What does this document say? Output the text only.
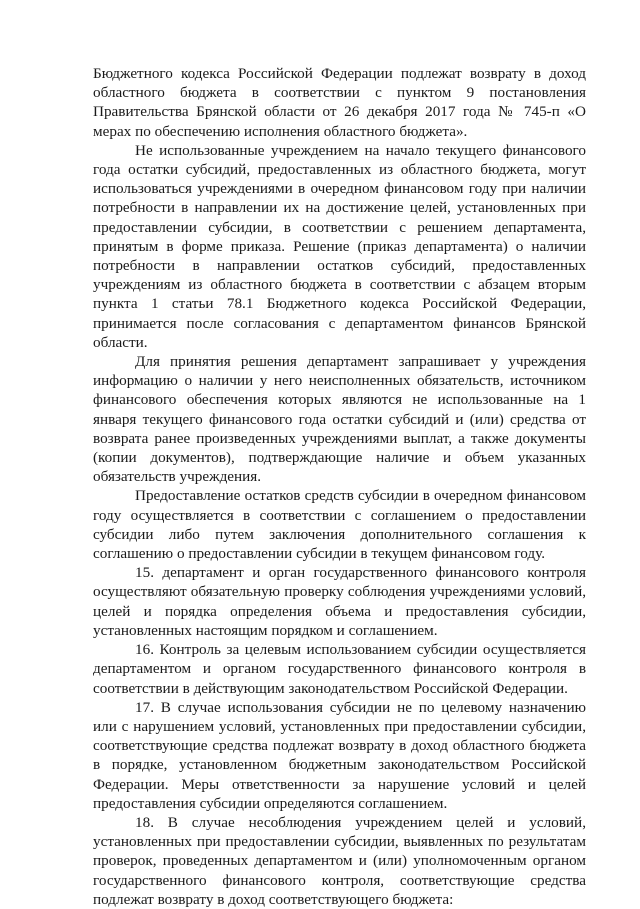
Бюджетного кодекса Российской Федерации подлежат возврату в доход областного бюджета в соответствии с пунктом 9 постановления Правительства Брянской области от 26 декабря 2017 года № 745-п «О мерах по обеспечению исполнения областного бюджета».

Не использованные учреждением на начало текущего финансового года остатки субсидий, предоставленных из областного бюджета, могут использоваться учреждениями в очередном финансовом году при наличии потребности в направлении их на достижение целей, установленных при предоставлении субсидии, в соответствии с решением департамента, принятым в форме приказа. Решение (приказ департамента) о наличии потребности в направлении остатков субсидий, предоставленных учреждениям из областного бюджета в соответствии с абзацем вторым пункта 1 статьи 78.1 Бюджетного кодекса Российской Федерации, принимается после согласования с департаментом финансов Брянской области.

Для принятия решения департамент запрашивает у учреждения информацию о наличии у него неисполненных обязательств, источником финансового обеспечения которых являются не использованные на 1 января текущего финансового года остатки субсидий и (или) средства от возврата ранее произведенных учреждениями выплат, а также документы (копии документов), подтверждающие наличие и объем указанных обязательств учреждения.

Предоставление остатков средств субсидии в очередном финансовом году осуществляется в соответствии с соглашением о предоставлении субсидии либо путем заключения дополнительного соглашения к соглашению о предоставлении субсидии в текущем финансовом году.

15. департамент и орган государственного финансового контроля осуществляют обязательную проверку соблюдения учреждениями условий, целей и порядка определения объема и предоставления субсидии, установленных настоящим порядком и соглашением.

16. Контроль за целевым использованием субсидии осуществляется департаментом и органом государственного финансового контроля в соответствии в действующим законодательством Российской Федерации.

17. В случае использования субсидии не по целевому назначению или с нарушением условий, установленных при предоставлении субсидии, соответствующие средства подлежат возврату в доход областного бюджета в порядке, установленном бюджетным законодательством Российской Федерации. Меры ответственности за нарушение условий и целей предоставления субсидии определяются соглашением.

18. В случае несоблюдения учреждением целей и условий, установленных при предоставлении субсидии, выявленных по результатам проверок, проведенных департаментом и (или) уполномоченным органом государственного финансового контроля, соответствующие средства подлежат возврату в доход соответствующего бюджета:
